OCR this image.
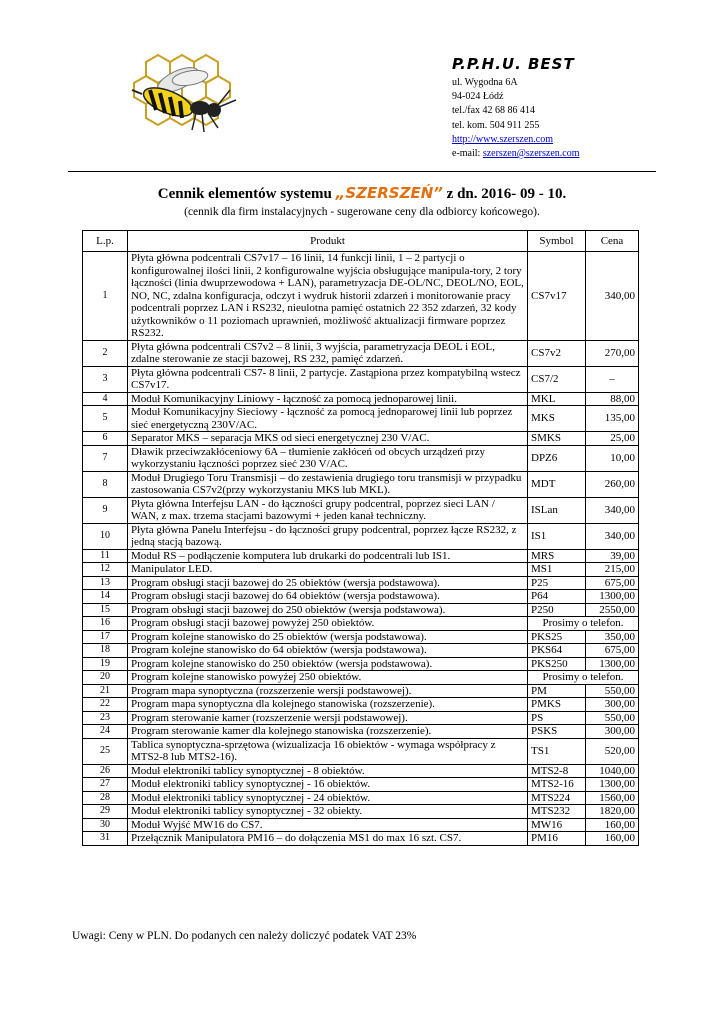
P.P.H.U. BEST
ul. Wygodna 6A
94-024 Łódź
tel./fax 42 68 86 414
tel. kom. 504 911 255
http://www.szerszen.com
e-mail: szerszen@szerszen.com
Cennik elementów systemu „SZERSZEŃ” z dn. 2016- 09 - 10.
(cennik dla firm instalacyjnych - sugerowane ceny dla odbiorcy końcowego).
L.p.	Produkt	Symbol	Cena
1	Płyta główna podcentrali CS7v17 – 16 linii, 14 funkcji linii, 1 – 2 partycji o konfigurowalnej ilości linii, 2 konfigurowalne wyjścia obsługujące manipula-tory, 2 tory łączności (linia dwuprzewodowa + LAN), parametryzacja DE-OL/NC, DEOL/NO, EOL, NO, NC, zdalna konfiguracja, odczyt i wydruk historii zdarzeń i monitorowanie pracy podcentrali poprzez LAN i RS232, nieulotna pamięć ostatnich 22 352 zdarzeń, 32 kody użytkowników o 11 poziomach uprawnień, możliwość aktualizacji firmware poprzez RS232.	CS7v17	340,00
2	Płyta główna podcentrali CS7v2 – 8 linii, 3 wyjścia, parametryzacja DEOL i EOL, zdalne sterowanie ze stacji bazowej, RS 232, pamięć zdarzeń.	CS7v2	270,00
3	Płyta główna podcentrali CS7- 8 linii, 2 partycje. Zastąpiona przez kompatybilną wstecz CS7v17.	CS7/2	–
4	Moduł Komunikacyjny Liniowy - łączność za pomocą jednoparowej linii.	MKL	88,00
5	Moduł Komunikacyjny Sieciowy - łączność za pomocą jednoparowej linii lub poprzez sieć energetyczną 230V/AC.	MKS	135,00
6	Separator MKS – separacja MKS od sieci energetycznej 230 V/AC.	SMKS	25,00
7	Dławik przeciwzakłóceniowy 6A – tłumienie zakłóceń od obcych urządzeń przy wykorzystaniu łączności poprzez sieć 230 V/AC.	DPZ6	10,00
8	Moduł Drugiego Toru Transmisji – do zestawienia drugiego toru transmisji w przypadku zastosowania CS7v2(przy wykorzystaniu MKS lub MKL).	MDT	260,00
9	Płyta główna Interfejsu LAN - do łączności grupy podcentral, poprzez sieci LAN / WAN, z max. trzema stacjami bazowymi + jeden kanał techniczny.	ISLan	340,00
10	Płyta główna Panelu Interfejsu - do łączności grupy podcentral, poprzez łącze RS232, z jedną stacją bazową.	IS1	340,00
11	Moduł RS – podłączenie komputera lub drukarki do podcentrali lub IS1.	MRS	39,00
12	Manipulator LED.	MS1	215,00
13	Program obsługi stacji bazowej do 25 obiektów (wersja podstawowa).	P25	675,00
14	Program obsługi stacji bazowej do 64 obiektów (wersja podstawowa).	P64	1300,00
15	Program obsługi stacji bazowej do 250 obiektów (wersja podstawowa).	P250	2550,00
16	Program obsługi stacji bazowej powyżej 250 obiektów.	Prosimy o telefon.	
17	Program kolejne stanowisko do 25 obiektów (wersja podstawowa).	PKS25	350,00
18	Program kolejne stanowisko do 64 obiektów (wersja podstawowa).	PKS64	675,00
19	Program kolejne stanowisko do 250 obiektów (wersja podstawowa).	PKS250	1300,00
20	Program kolejne stanowisko powyżej 250 obiektów.	Prosimy o telefon.	
21	Program mapa synoptyczna (rozszerzenie wersji podstawowej).	PM	550,00
22	Program mapa synoptyczna dla kolejnego stanowiska (rozszerzenie).	PMKS	300,00
23	Program sterowanie kamer (rozszerzenie wersji podstawowej).	PS	550,00
24	Program sterowanie kamer dla kolejnego stanowiska (rozszerzenie).	PSKS	300,00
25	Tablica synoptyczna-sprzętowa (wizualizacja 16 obiektów - wymaga współpracy z MTS2-8 lub MTS2-16).	TS1	520,00
26	Moduł elektroniki tablicy synoptycznej - 8 obiektów.	MTS2-8	1040,00
27	Moduł elektroniki tablicy synoptycznej - 16 obiektów.	MTS2-16	1300,00
28	Moduł elektroniki tablicy synoptycznej - 24 obiektów.	MTS224	1560,00
29	Moduł elektroniki tablicy synoptycznej - 32 obiekty.	MTS232	1820,00
30	Moduł Wyjść MW16 do CS7.	MW16	160,00
31	Przełącznik Manipulatora PM16 – do dołączenia MS1 do max 16 szt. CS7.	PM16	160,00
Uwagi: Ceny w PLN. Do podanych cen należy doliczyć podatek VAT 23%
